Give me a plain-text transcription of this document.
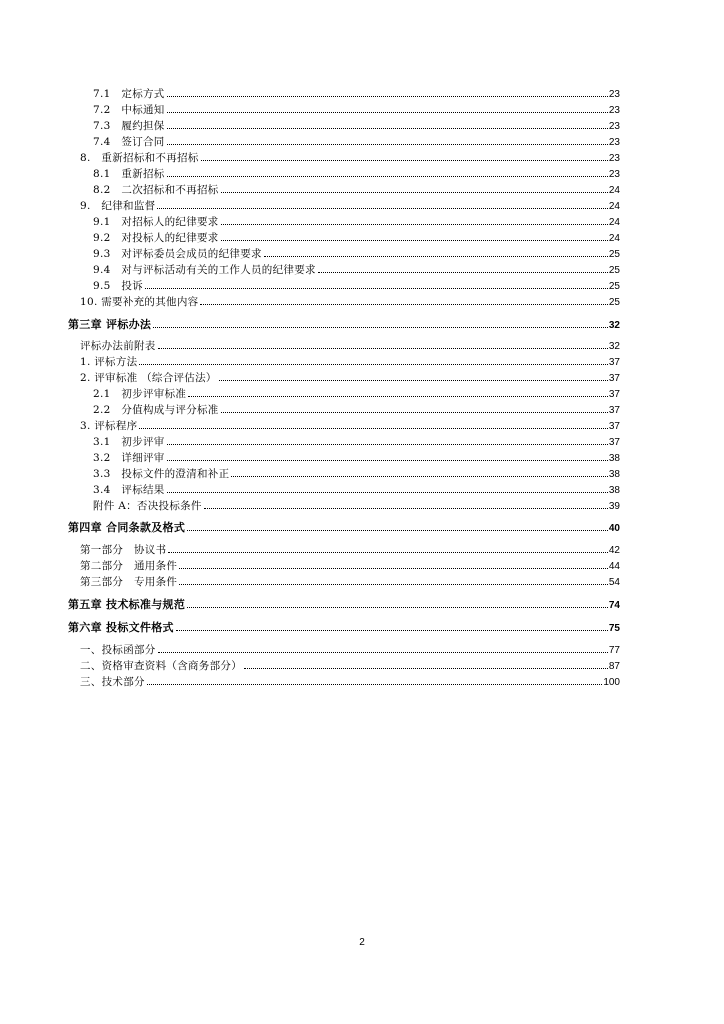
7.1　定标方式	23
7.2　中标通知	23
7.3　履约担保	23
7.4　签订合同	23
8.　重新招标和不再招标	23
8.1　重新招标	23
8.2　二次招标和不再招标	24
9.　纪律和监督	24
9.1　对招标人的纪律要求	24
9.2　对投标人的纪律要求	24
9.3　对评标委员会成员的纪律要求	25
9.4　对与评标活动有关的工作人员的纪律要求	25
9.5　投诉	25
10. 需要补充的其他内容	25
第三章 评标办法	32
评标办法前附表	32
1. 评标方法	37
2. 评审标准 （综合评估法）	37
2.1　初步评审标准	37
2.2　分值构成与评分标准	37
3. 评标程序	37
3.1　初步评审	37
3.2　详细评审	38
3.3　投标文件的澄清和补正	38
3.4　评标结果	38
附件 A：否决投标条件	39
第四章 合同条款及格式	40
第一部分　协议书	42
第二部分　通用条件	44
第三部分　专用条件	54
第五章 技术标准与规范	74
第六章 投标文件格式	75
一、投标函部分	77
二、资格审查资料（含商务部分）	87
三、技术部分	100
2
